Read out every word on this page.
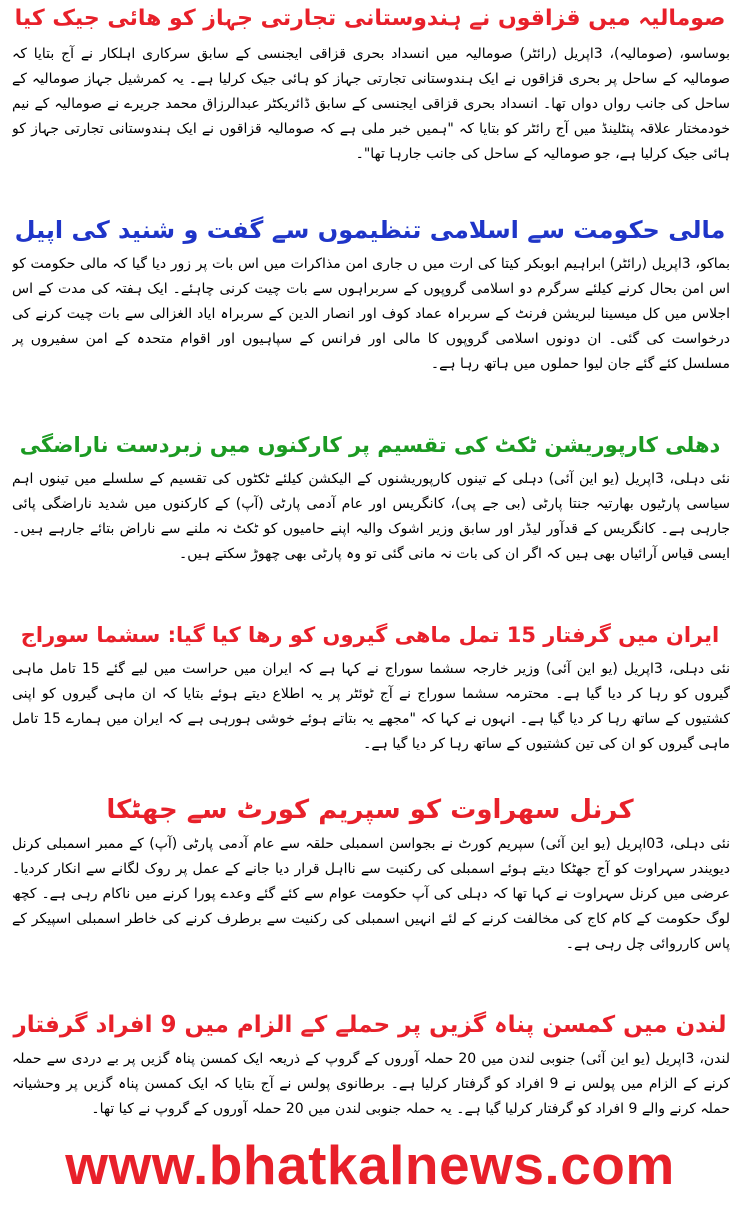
صومالیہ میں قزاقوں نے ہندوستانی تجارتی جہاز کو ھائی جیک کیا
بوساسو، (صومالیہ)، 3اپریل (رائٹر) صومالیہ میں انسداد بحری قزاقی ایجنسی کے سابق سرکاری اہلکار نے آج بتایا کہ صومالیہ کے ساحل پر بحری قزاقوں نے ایک ہندوستانی تجارتی جہاز کو ہائی جیک کرلیا ہے۔ یہ کمرشیل جہاز صومالیہ کے ساحل کی جانب رواں دواں تھا۔ انسداد بحری قزاقی ایجنسی کے سابق ڈائریکٹر عبدالرزاق محمد جریرے نے صومالیہ کے نیم خودمختار علاقہ پنٹلینڈ میں آج رائٹر کو بتایا کہ "ہمیں خبر ملی ہے کہ صومالیہ قزاقوں نے ایک ہندوستانی تجارتی جہاز کو ہائی جیک کرلیا ہے، جو صومالیہ کے ساحل کی جانب جارہا تھا"۔
مالی حکومت سے اسلامی تنظیموں سے گفت و شنید کی اپیل
بماکو، 3اپریل (رائٹر) ابراہیم ابوبکر کیتا کی ارت میں ں جاری امن مذاکرات میں اس بات پر زور دیا گیا کہ مالی حکومت کو اس امن بحال کرنے کیلئے سرگرم دو اسلامی گروپوں کے سربراہوں سے بات چیت کرنی چاہئے۔ ایک ہفتہ کی مدت کے اس اجلاس میں کل میسینا لبریشن فرنٹ کے سربراہ عماد کوف اور انصار الدین کے سربراہ ایاد الغزالی سے بات چیت کرنے کی درخواست کی گئی۔ ان دونوں اسلامی گروپوں کا مالی اور فرانس کے سپاہیوں اور اقوام متحدہ کے امن سفیروں پر مسلسل کئے گئے جان لیوا حملوں میں ہاتھ رہا ہے۔
دھلی کارپوریشن ٹکٹ کی تقسیم پر کارکنوں میں زبردست ناراضگی
نئی دہلی، 3اپریل (یو این آئی) دہلی کے تینوں کارپوریشنوں کے الیکشن کیلئے ٹکٹوں کی تقسیم کے سلسلے میں تینوں اہم سیاسی پارٹیوں بھارتیہ جنتا پارٹی (بی جے پی)، کانگریس اور عام آدمی پارٹی (آپ) کے کارکنوں میں شدید ناراضگی پائی جارہی ہے۔ کانگریس کے قدآور لیڈر اور سابق وزیر اشوک والیہ اپنے حامیوں کو ٹکٹ نہ ملنے سے ناراض بتائے جارہے ہیں۔ ایسی قیاس آرائیاں بھی ہیں کہ اگر ان کی بات نہ مانی گئی تو وہ پارٹی بھی چھوڑ سکتے ہیں۔
ایران میں گرفتار 15 تمل ماھی گیروں کو رھا کیا گیا: سشما سوراج
نئی دہلی، 3اپریل (یو این آئی) وزیر خارجہ سشما سوراج نے کہا ہے کہ ایران میں حراست میں لیے گئے 15 تامل ماہی گیروں کو رہا کر دیا گیا ہے۔ محترمہ سشما سوراج نے آج ٹوئٹر پر یہ اطلاع دیتے ہوئے بتایا کہ ان ماہی گیروں کو اپنی کشتیوں کے ساتھ رہا کر دیا گیا ہے۔ انہوں نے کہا کہ "مجھے یہ بتاتے ہوئے خوشی ہورہی ہے کہ ایران میں ہمارے 15 تامل ماہی گیروں کو ان کی تین کشتیوں کے ساتھ رہا کر دیا گیا ہے۔
کرنل سھراوت کو سپریم کورٹ سے جھٹکا
نئی دہلی، 03اپریل (یو این آئی) سپریم کورٹ نے بجواسن اسمبلی حلقہ سے عام آدمی پارٹی (آپ) کے ممبر اسمبلی کرنل دیویندر سہراوت کو آج جھٹکا دیتے ہوئے اسمبلی کی رکنیت سے نااہل قرار دیا جانے کے عمل پر روک لگانے سے انکار کردیا۔ عرضی میں کرنل سہراوت نے کہا تھا کہ دہلی کی آپ حکومت عوام سے کئے گئے وعدے پورا کرنے میں ناکام رہی ہے۔ کچھ لوگ حکومت کے کام کاج کی مخالفت کرنے کے لئے انہیں اسمبلی کی رکنیت سے برطرف کرنے کی خاطر اسمبلی اسپیکر کے پاس کارروائی چل رہی ہے۔
لندن میں کمسن پناہ گزیں پر حملے کے الزام میں 9 افراد گرفتار
لندن، 3اپریل (یو این آئی) جنوبی لندن میں 20 حملہ آوروں کے گروپ کے ذریعہ ایک کمسن پناہ گزیں پر بے دردی سے حملہ کرنے کے الزام میں پولس نے 9 افراد کو گرفتار کرلیا ہے۔ برطانوی پولس نے آج بتایا کہ ایک کمسن پناہ گزیں پر وحشیانہ حملہ کرنے والے 9 افراد کو گرفتار کرلیا گیا ہے۔ یہ حملہ جنوبی لندن میں 20 حملہ آوروں کے گروپ نے کیا تھا۔
www.bhatkalnews.com
